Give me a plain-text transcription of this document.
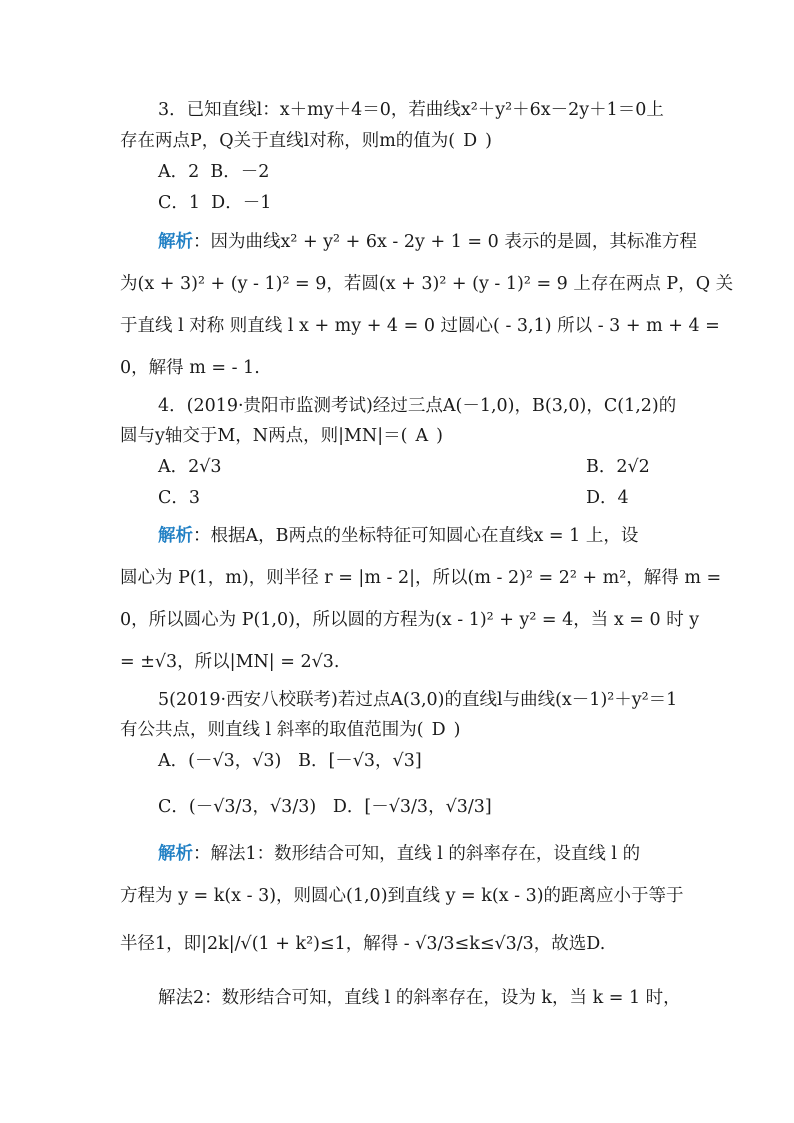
3．已知直线l：x＋my＋4＝0，若曲线x²＋y²＋6x－2y＋1＝0上
存在两点P，Q关于直线l对称，则m的值为( D )
A．2 B．－2
C．1 D．－1
解析：因为曲线x² + y² + 6x ‑ 2y + 1 = 0 表示的是圆，其标准方程
为(x + 3)² + (y ‑ 1)² = 9，若圆(x + 3)² + (y ‑ 1)² = 9 上存在两点 P，Q 关
于直线 l 对称 则直线 l x + my + 4 = 0 过圆心( ‑ 3,1) 所以 ‑ 3 + m + 4 =
0，解得 m = ‑ 1.
4．(2019·贵阳市监测考试)经过三点A(－1,0)，B(3,0)，C(1,2)的
圆与y轴交于M，N两点，则|MN|＝( A )
A．2√3	B．2√2
C．3	D．4
解析：根据A，B两点的坐标特征可知圆心在直线x = 1 上，设
圆心为 P(1，m)，则半径 r = |m ‑ 2|，所以(m ‑ 2)² = 2² + m²，解得 m =
0，所以圆心为 P(1,0)，所以圆的方程为(x ‑ 1)² + y² = 4，当 x = 0 时 y
= ±√3，所以|MN| = 2√3.
5(2019·西安八校联考)若过点A(3,0)的直线l与曲线(x－1)²＋y²＝1
有公共点，则直线 l 斜率的取值范围为( D )
A．(－√3，√3) B．[－√3，√3]
C．(－√3/3，√3/3) D．[－√3/3，√3/3]
解析：解法1：数形结合可知，直线 l 的斜率存在，设直线 l 的
方程为 y = k(x ‑ 3)，则圆心(1,0)到直线 y = k(x ‑ 3)的距离应小于等于
半径1，即|2k|/√(1 + k²)≤1，解得 ‑ √3/3≤k≤√3/3，故选D.
解法2：数形结合可知，直线 l 的斜率存在，设为 k，当 k = 1 时，
